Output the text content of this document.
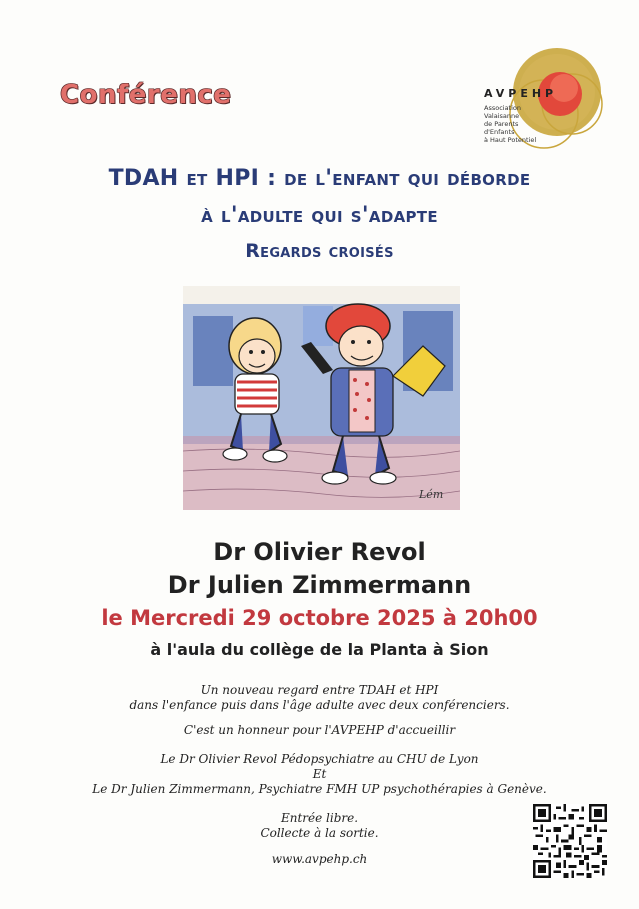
Conférence	AVPEHP
Association
Valaisanne
de Parents
d'Enfants
à Haut Potentiel
TDAH et HPI : de l'enfant qui déborde
à l'adulte qui s'adapte
Regards croisés
Lém
Dr Olivier Revol
Dr Julien Zimmermann
le Mercredi 29 octobre 2025 à 20h00
à l'aula du collège de la Planta à Sion
Un nouveau regard entre TDAH et HPI
dans l'enfance puis dans l'âge adulte avec deux conférenciers.
C'est un honneur pour l'AVPEHP d'accueillir
Le Dr Olivier Revol Pédopsychiatre au CHU de Lyon
Et
Le Dr Julien Zimmermann, Psychiatre FMH UP psychothérapies à Genève.
Entrée libre.
Collecte à la sortie.
www.avpehp.ch
